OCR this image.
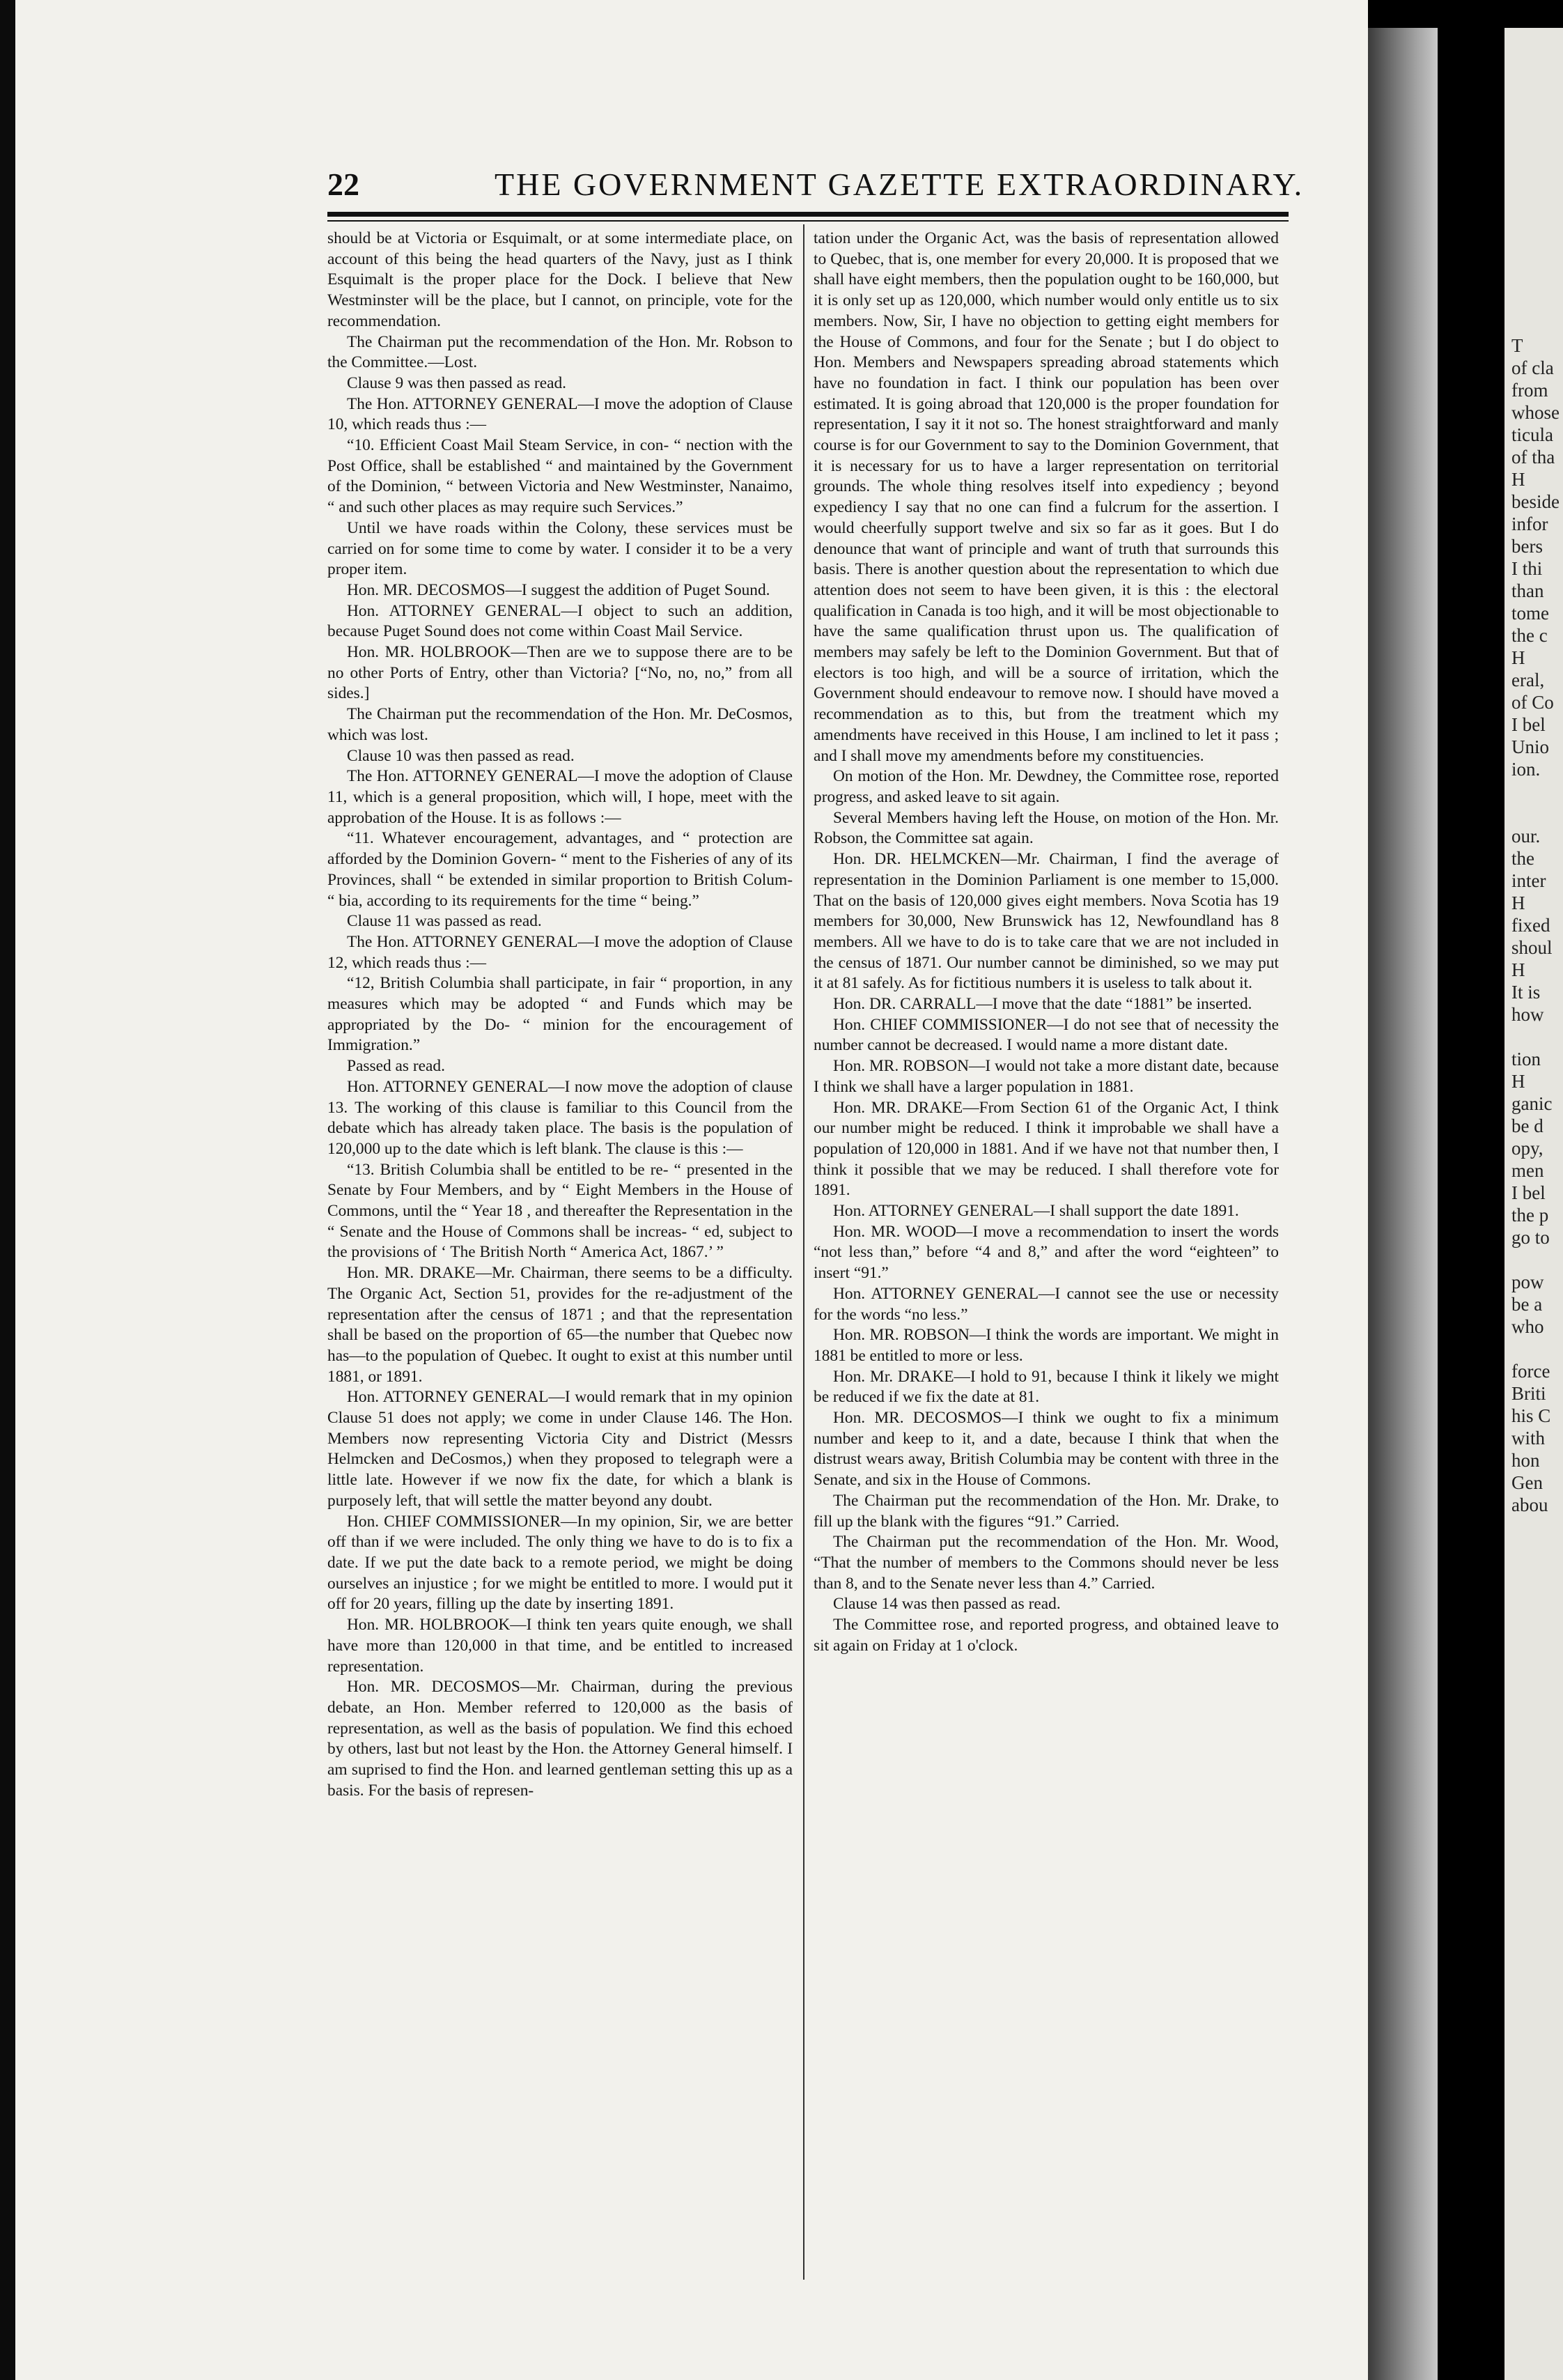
22	THE GOVERNMENT GAZETTE EXTRAORDINARY.

should be at Victoria or Esquimalt, or at some intermediate place, on account of this being the head quarters of the Navy, just as I think Esquimalt is the proper place for the Dock. I believe that New Westminster will be the place, but I cannot, on principle, vote for the recommendation.

The Chairman put the recommendation of the Hon. Mr. Robson to the Committee.—Lost.

Clause 9 was then passed as read.

The Hon. ATTORNEY GENERAL—I move the adoption of Clause 10, which reads thus :—

“10. Efficient Coast Mail Steam Service, in con- “ nection with the Post Office, shall be established “ and maintained by the Government of the Dominion, “ between Victoria and New Westminster, Nanaimo, “ and such other places as may require such Services.”

Until we have roads within the Colony, these services must be carried on for some time to come by water. I consider it to be a very proper item.

Hon. MR. DECOSMOS—I suggest the addition of Puget Sound.

Hon. ATTORNEY GENERAL—I object to such an addition, because Puget Sound does not come within Coast Mail Service.

Hon. MR. HOLBROOK—Then are we to suppose there are to be no other Ports of Entry, other than Victoria? [“No, no, no,” from all sides.]

The Chairman put the recommendation of the Hon. Mr. DeCosmos, which was lost.

Clause 10 was then passed as read.

The Hon. ATTORNEY GENERAL—I move the adoption of Clause 11, which is a general proposition, which will, I hope, meet with the approbation of the House. It is as follows :—

“11. Whatever encouragement, advantages, and “ protection are afforded by the Dominion Govern- “ ment to the Fisheries of any of its Provinces, shall “ be extended in similar proportion to British Colum- “ bia, according to its requirements for the time “ being.”

Clause 11 was passed as read.

The Hon. ATTORNEY GENERAL—I move the adoption of Clause 12, which reads thus :—

“12, British Columbia shall participate, in fair “ proportion, in any measures which may be adopted “ and Funds which may be appropriated by the Do- “ minion for the encouragement of Immigration.”

Passed as read.

Hon. ATTORNEY GENERAL—I now move the adoption of clause 13. The working of this clause is familiar to this Council from the debate which has already taken place. The basis is the population of 120,000 up to the date which is left blank. The clause is this :—

“13. British Columbia shall be entitled to be re- “ presented in the Senate by Four Members, and by “ Eight Members in the House of Commons, until the “ Year 18 , and thereafter the Representation in the “ Senate and the House of Commons shall be increas- “ ed, subject to the provisions of ‘ The British North “ America Act, 1867.’ ”

Hon. MR. DRAKE—Mr. Chairman, there seems to be a difficulty. The Organic Act, Section 51, provides for the re-adjustment of the representation after the census of 1871 ; and that the representation shall be based on the proportion of 65—the number that Quebec now has—to the population of Quebec. It ought to exist at this number until 1881, or 1891.

Hon. ATTORNEY GENERAL—I would remark that in my opinion Clause 51 does not apply; we come in under Clause 146. The Hon. Members now representing Victoria City and District (Messrs Helmcken and DeCosmos,) when they proposed to telegraph were a little late. However if we now fix the date, for which a blank is purposely left, that will settle the matter beyond any doubt.

Hon. CHIEF COMMISSIONER—In my opinion, Sir, we are better off than if we were included. The only thing we have to do is to fix a date. If we put the date back to a remote period, we might be doing ourselves an injustice ; for we might be entitled to more. I would put it off for 20 years, filling up the date by inserting 1891.

Hon. MR. HOLBROOK—I think ten years quite enough, we shall have more than 120,000 in that time, and be entitled to increased representation.

Hon. MR. DECOSMOS—Mr. Chairman, during the previous debate, an Hon. Member referred to 120,000 as the basis of representation, as well as the basis of population. We find this echoed by others, last but not least by the Hon. the Attorney General himself. I am suprised to find the Hon. and learned gentleman setting this up as a basis. For the basis of represen-

tation under the Organic Act, was the basis of representation allowed to Quebec, that is, one member for every 20,000. It is proposed that we shall have eight members, then the population ought to be 160,000, but it is only set up as 120,000, which number would only entitle us to six members. Now, Sir, I have no objection to getting eight members for the House of Commons, and four for the Senate ; but I do object to Hon. Members and Newspapers spreading abroad statements which have no foundation in fact. I think our population has been over estimated. It is going abroad that 120,000 is the proper foundation for representation, I say it it not so. The honest straightforward and manly course is for our Government to say to the Dominion Government, that it is necessary for us to have a larger representation on territorial grounds. The whole thing resolves itself into expediency ; beyond expediency I say that no one can find a fulcrum for the assertion. I would cheerfully support twelve and six so far as it goes. But I do denounce that want of principle and want of truth that surrounds this basis. There is another question about the representation to which due attention does not seem to have been given, it is this : the electoral qualification in Canada is too high, and it will be most objectionable to have the same qualification thrust upon us. The qualification of members may safely be left to the Dominion Government. But that of electors is too high, and will be a source of irritation, which the Government should endeavour to remove now. I should have moved a recommendation as to this, but from the treatment which my amendments have received in this House, I am inclined to let it pass ; and I shall move my amendments before my constituencies.

On motion of the Hon. Mr. Dewdney, the Committee rose, reported progress, and asked leave to sit again.

Several Members having left the House, on motion of the Hon. Mr. Robson, the Committee sat again.

Hon. DR. HELMCKEN—Mr. Chairman, I find the average of representation in the Dominion Parliament is one member to 15,000. That on the basis of 120,000 gives eight members. Nova Scotia has 19 members for 30,000, New Brunswick has 12, Newfoundland has 8 members. All we have to do is to take care that we are not included in the census of 1871. Our number cannot be diminished, so we may put it at 81 safely. As for fictitious numbers it is useless to talk about it.

Hon. DR. CARRALL—I move that the date “1881” be inserted.

Hon. CHIEF COMMISSIONER—I do not see that of necessity the number cannot be decreased. I would name a more distant date.

Hon. MR. ROBSON—I would not take a more distant date, because I think we shall have a larger population in 1881.

Hon. MR. DRAKE—From Section 61 of the Organic Act, I think our number might be reduced. I think it improbable we shall have a population of 120,000 in 1881. And if we have not that number then, I think it possible that we may be reduced. I shall therefore vote for 1891.

Hon. ATTORNEY GENERAL—I shall support the date 1891.

Hon. MR. WOOD—I move a recommendation to insert the words “not less than,” before “4 and 8,” and after the word “eighteen” to insert “91.”

Hon. ATTORNEY GENERAL—I cannot see the use or necessity for the words “no less.”

Hon. MR. ROBSON—I think the words are important. We might in 1881 be entitled to more or less.

Hon. Mr. DRAKE—I hold to 91, because I think it likely we might be reduced if we fix the date at 81.

Hon. MR. DECOSMOS—I think we ought to fix a minimum number and keep to it, and a date, because I think that when the distrust wears away, British Columbia may be content with three in the Senate, and six in the House of Commons.

The Chairman put the recommendation of the Hon. Mr. Drake, to fill up the blank with the figures “91.” Carried.

The Chairman put the recommendation of the Hon. Mr. Wood, “That the number of members to the Commons should never be less than 8, and to the Senate never less than 4.” Carried.

Clause 14 was then passed as read.

The Committee rose, and reported progress, and obtained leave to sit again on Friday at 1 o'clock.

T
of cla
from
whose
ticula
of tha
H
beside
infor
bers
I thi
than
tome
the c
H
eral,
of Co
I bel
Unio
ion.

our.
the
inter
H
fixed
shoul
H
It is
how

tion
H
ganic
be d
opy,
men
I bel
the p
go to

pow
be a
who

force
Briti
his C
with
hon
Gen
abou
